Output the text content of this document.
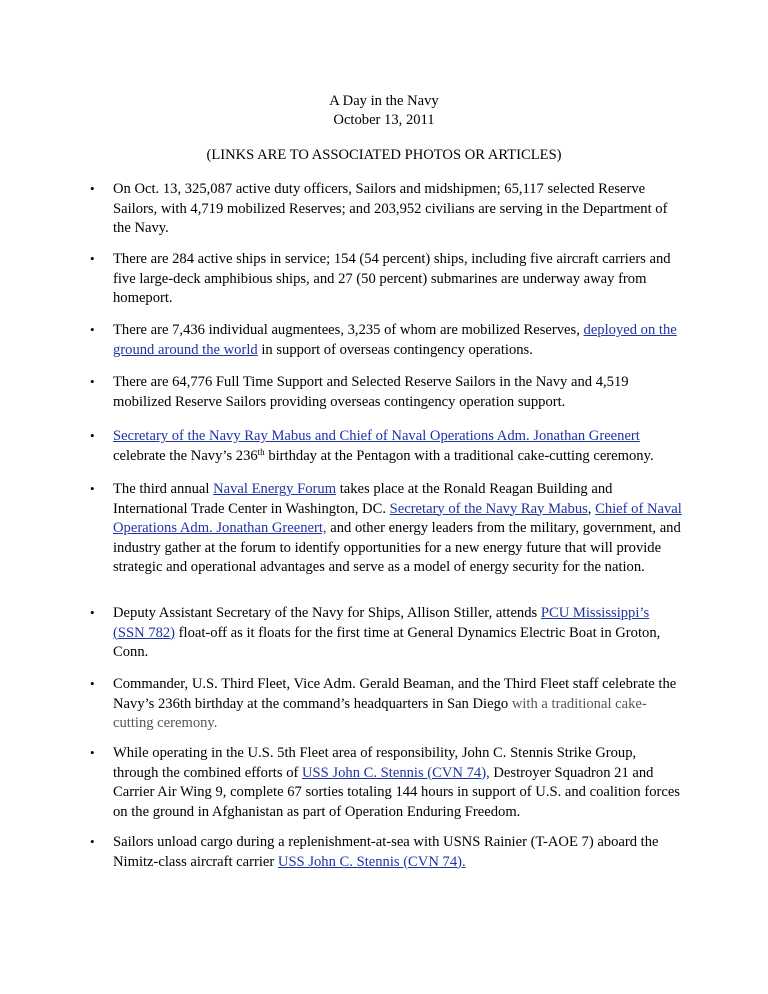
A Day in the Navy
October 13, 2011
(LINKS ARE TO ASSOCIATED PHOTOS OR ARTICLES)
• On Oct. 13, 325,087 active duty officers, Sailors and midshipmen; 65,117 selected Reserve Sailors, with 4,719 mobilized Reserves; and 203,952 civilians are serving in the Department of the Navy.
• There are 284 active ships in service; 154 (54 percent) ships, including five aircraft carriers and five large-deck amphibious ships, and 27 (50 percent) submarines are underway away from homeport.
• There are 7,436 individual augmentees, 3,235 of whom are mobilized Reserves, deployed on the ground around the world in support of overseas contingency operations.
• There are 64,776 Full Time Support and Selected Reserve Sailors in the Navy and 4,519 mobilized Reserve Sailors providing overseas contingency operation support.
• Secretary of the Navy Ray Mabus and Chief of Naval Operations Adm. Jonathan Greenert celebrate the Navy’s 236th birthday at the Pentagon with a traditional cake-cutting ceremony.
• The third annual Naval Energy Forum takes place at the Ronald Reagan Building and International Trade Center in Washington, DC. Secretary of the Navy Ray Mabus, Chief of Naval Operations Adm. Jonathan Greenert, and other energy leaders from the military, government, and industry gather at the forum to identify opportunities for a new energy future that will provide strategic and operational advantages and serve as a model of energy security for the nation.
• Deputy Assistant Secretary of the Navy for Ships, Allison Stiller, attends PCU Mississippi’s (SSN 782) float-off as it floats for the first time at General Dynamics Electric Boat in Groton, Conn.
• Commander, U.S. Third Fleet, Vice Adm. Gerald Beaman, and the Third Fleet staff celebrate the Navy’s 236th birthday at the command’s headquarters in San Diego with a traditional cake-cutting ceremony.
• While operating in the U.S. 5th Fleet area of responsibility, John C. Stennis Strike Group, through the combined efforts of USS John C. Stennis (CVN 74), Destroyer Squadron 21 and Carrier Air Wing 9, complete 67 sorties totaling 144 hours in support of U.S. and coalition forces on the ground in Afghanistan as part of Operation Enduring Freedom.
• Sailors unload cargo during a replenishment-at-sea with USNS Rainier (T-AOE 7) aboard the Nimitz-class aircraft carrier USS John C. Stennis (CVN 74).
